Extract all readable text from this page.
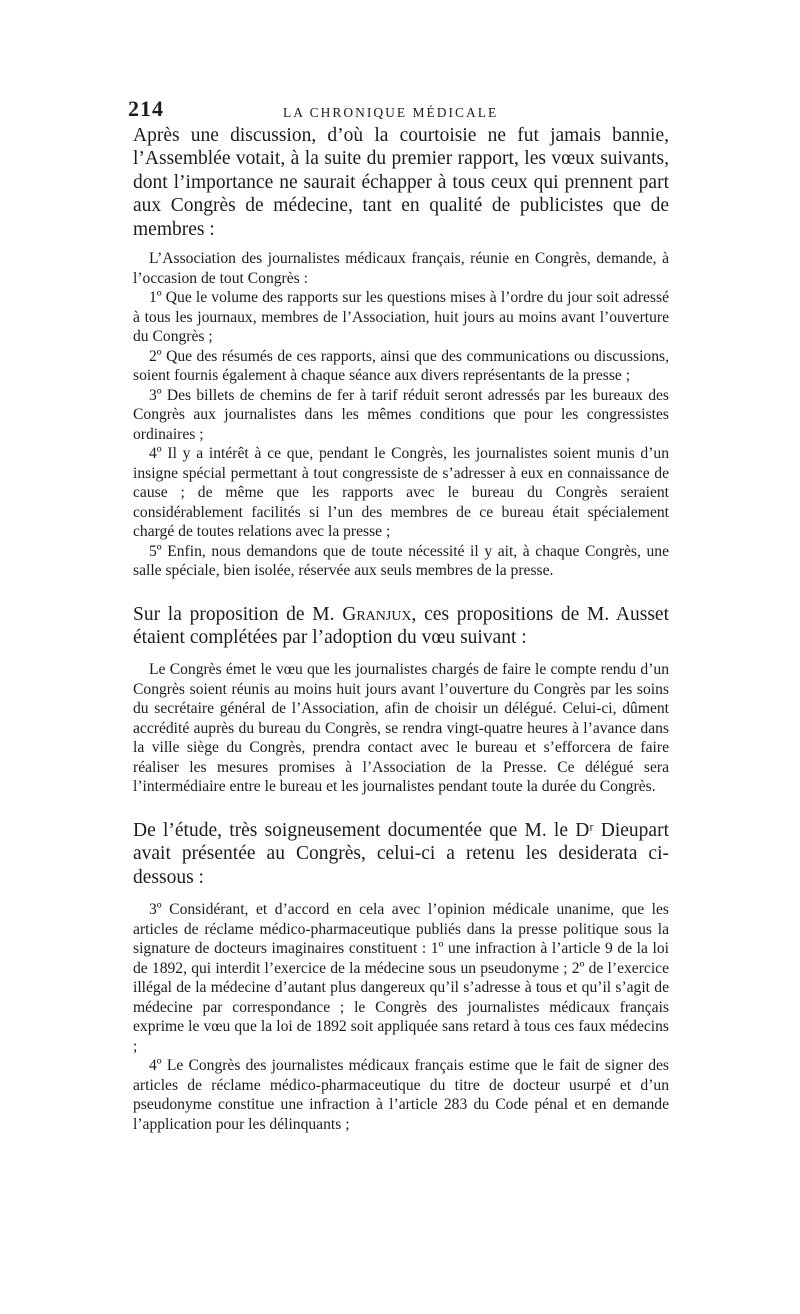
214	LA CHRONIQUE MÉDICALE

Après une discussion, d’où la courtoisie ne fut jamais bannie, l’Assemblée votait, à la suite du premier rapport, les vœux suivants, dont l’importance ne saurait échapper à tous ceux qui prennent part aux Congrès de médecine, tant en qualité de publicistes que de membres :

L’Association des journalistes médicaux français, réunie en Congrès, demande, à l’occasion de tout Congrès :

1º Que le volume des rapports sur les questions mises à l’ordre du jour soit adressé à tous les journaux, membres de l’Association, huit jours au moins avant l’ouverture du Congrès ;

2º Que des résumés de ces rapports, ainsi que des communications ou discussions, soient fournis également à chaque séance aux divers représentants de la presse ;

3º Des billets de chemins de fer à tarif réduit seront adressés par les bureaux des Congrès aux journalistes dans les mêmes conditions que pour les congressistes ordinaires ;

4º Il y a intérêt à ce que, pendant le Congrès, les journalistes soient munis d’un insigne spécial permettant à tout congressiste de s’adresser à eux en connaissance de cause ; de même que les rapports avec le bureau du Congrès seraient considérablement facilités si l’un des membres de ce bureau était spécialement chargé de toutes relations avec la presse ;

5º Enfin, nous demandons que de toute nécessité il y ait, à chaque Congrès, une salle spéciale, bien isolée, réservée aux seuls membres de la presse.

Sur la proposition de M. Granjux, ces propositions de M. Ausset étaient complétées par l’adoption du vœu suivant :

Le Congrès émet le vœu que les journalistes chargés de faire le compte rendu d’un Congrès soient réunis au moins huit jours avant l’ouverture du Congrès par les soins du secrétaire général de l’Association, afin de choisir un délégué. Celui-ci, dûment accrédité auprès du bureau du Congrès, se rendra vingt-quatre heures à l’avance dans la ville siège du Congrès, prendra contact avec le bureau et s’efforcera de faire réaliser les mesures promises à l’Association de la Presse. Ce délégué sera l’intermédiaire entre le bureau et les journalistes pendant toute la durée du Congrès.

De l’étude, très soigneusement documentée que M. le Dʳ Dieupart avait présentée au Congrès, celui-ci a retenu les desiderata ci-dessous :

3º Considérant, et d’accord en cela avec l’opinion médicale unanime, que les articles de réclame médico-pharmaceutique publiés dans la presse politique sous la signature de docteurs imaginaires constituent : 1º une infraction à l’article 9 de la loi de 1892, qui interdit l’exercice de la médecine sous un pseudonyme ; 2º de l’exercice illégal de la médecine d’autant plus dangereux qu’il s’adresse à tous et qu’il s’agit de médecine par correspondance ; le Congrès des journalistes médicaux français exprime le vœu que la loi de 1892 soit appliquée sans retard à tous ces faux médecins ;

4º Le Congrès des journalistes médicaux français estime que le fait de signer des articles de réclame médico-pharmaceutique du titre de docteur usurpé et d’un pseudonyme constitue une infraction à l’article 283 du Code pénal et en demande l’application pour les délinquants ;
